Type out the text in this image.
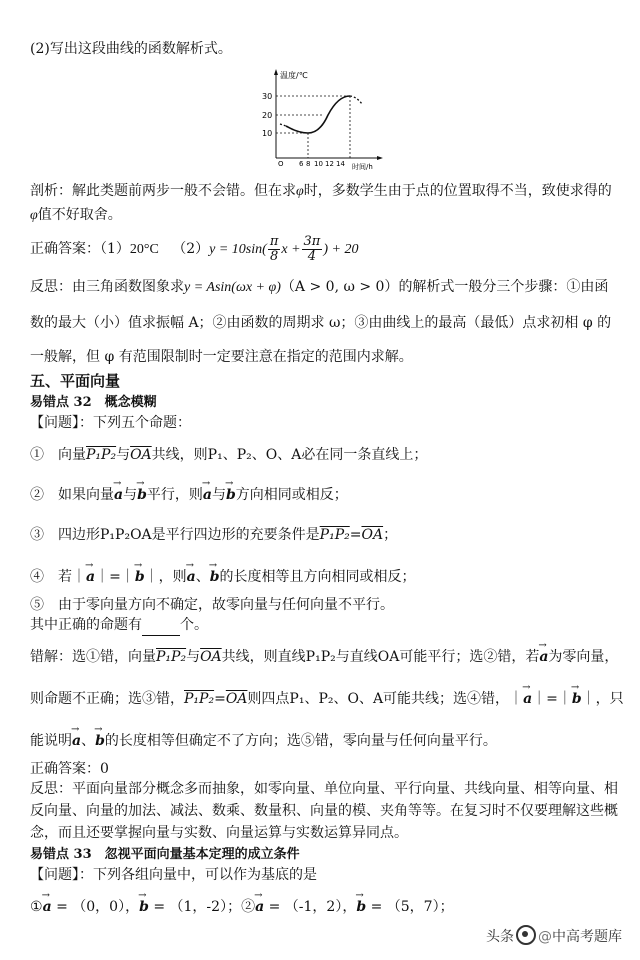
(2)写出这段曲线的函数解析式。
温度/℃
时间/h
O
30
20
10
6 8 10 12 14
剖析：解此类题前两步一般不会错。但在求φ时，多数学生由于点的位置取得不当，致使求得的
φ值不好取舍。
正确答案：（1）20°C $(2)y = 10\sin( \frac{\pi}{8}$ $x + \frac{3\pi}{4}$ ) + 20
反思：由三角函数图象求y = Asin(ωx + φ)（A > 0, ω > 0）的解析式一般分三个步骤：①由函
数的最大（小）值求振幅 A；②由函数的周期求 ω；③由曲线上的最高（最低）点求初相 φ 的
一般解，但 φ 有范围限制时一定要注意在指定的范围内求解。
五、平面向量
易错点 32　概念模糊
【问题】：下列五个命题：
①　向量P₁P₂与$\overline{OA}$共线，则P₁、P₂、O、A必在同一条直线上；
②　如果向量→ a与→ b平行，则→ a与→ b方向相同或相反；
③　四边形P₁P₂OA是平行四边形的充要条件是$P_1P_2=\overline{OA}$；
④　若｜→ a｜=｜→ b｜，则→ a、→ b的长度相等且方向相同或相反；
⑤　由于零向量方向不确定，故零向量与任何向量不平行。
其中正确的命题有	个。
错解：选①错，向量P₁P₂与$\overline{OA}$共线，则直线P₁P₂与直线OA可能平行；选②错，若→ a为零向量，
则命题不正确；选③错，$P_1P_2=\overline{OA}$则四点P₁、P₂、O、A可能共线；选④错，｜→ a｜=｜→ b｜，只
能说明→ a、→ b的长度相等但确定不了方向；选⑤错，零向量与任何向量平行。
正确答案：0
反思：平面向量部分概念多而抽象，如零向量、单位向量、平行向量、共线向量、相等向量、相
反向量、向量的加法、减法、数乘、数量积、向量的模、夹角等等。在复习时不仅要理解这些概
念，而且还要掌握向量与实数、向量运算与实数运算异同点。
易错点 33　忽视平面向量基本定理的成立条件
【问题】：下列各组向量中，可以作为基底的是
①→ a = （0，0），→ b = （1，-2）；②→ a = （-1，2），→ b = （5，7）；
头条 @中高考题库
